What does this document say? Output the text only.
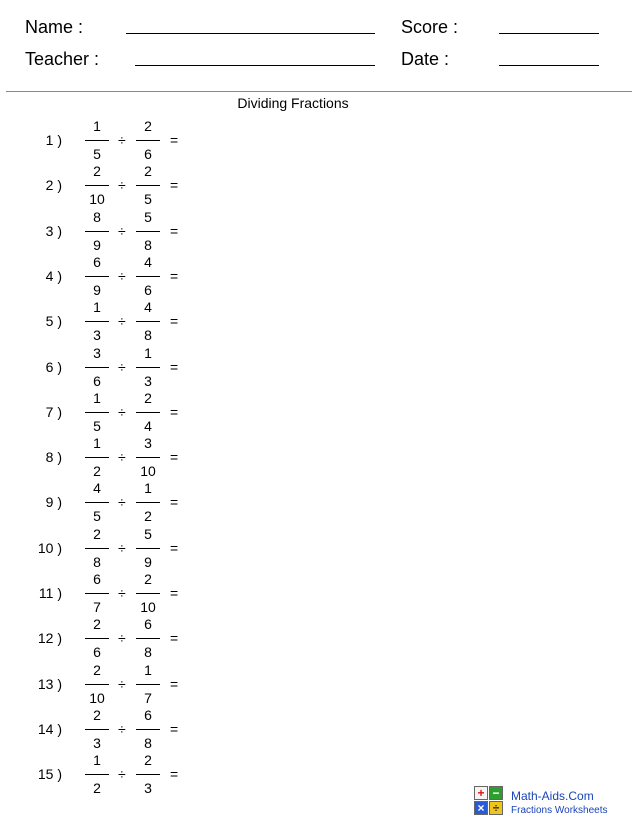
Name :	Score :
Teacher :	Date :
Dividing Fractions
1 )
1
5
÷
2
6
=
2 )
2
10
÷
2
5
=
3 )
8
9
÷
5
8
=
4 )
6
9
÷
4
6
=
5 )
1
3
÷
4
8
=
6 )
3
6
÷
1
3
=
7 )
1
5
÷
2
4
=
8 )
1
2
÷
3
10
=
9 )
4
5
÷
1
2
=
10 )
2
8
÷
5
9
=
11 )
6
7
÷
2
10
=
12 )
2
6
÷
6
8
=
13 )
2
10
÷
1
7
=
14 )
2
3
÷
6
8
=
15 )
1
2
÷
2
3
=
+ −
× ÷
Math-Aids.Com
Fractions Worksheets
